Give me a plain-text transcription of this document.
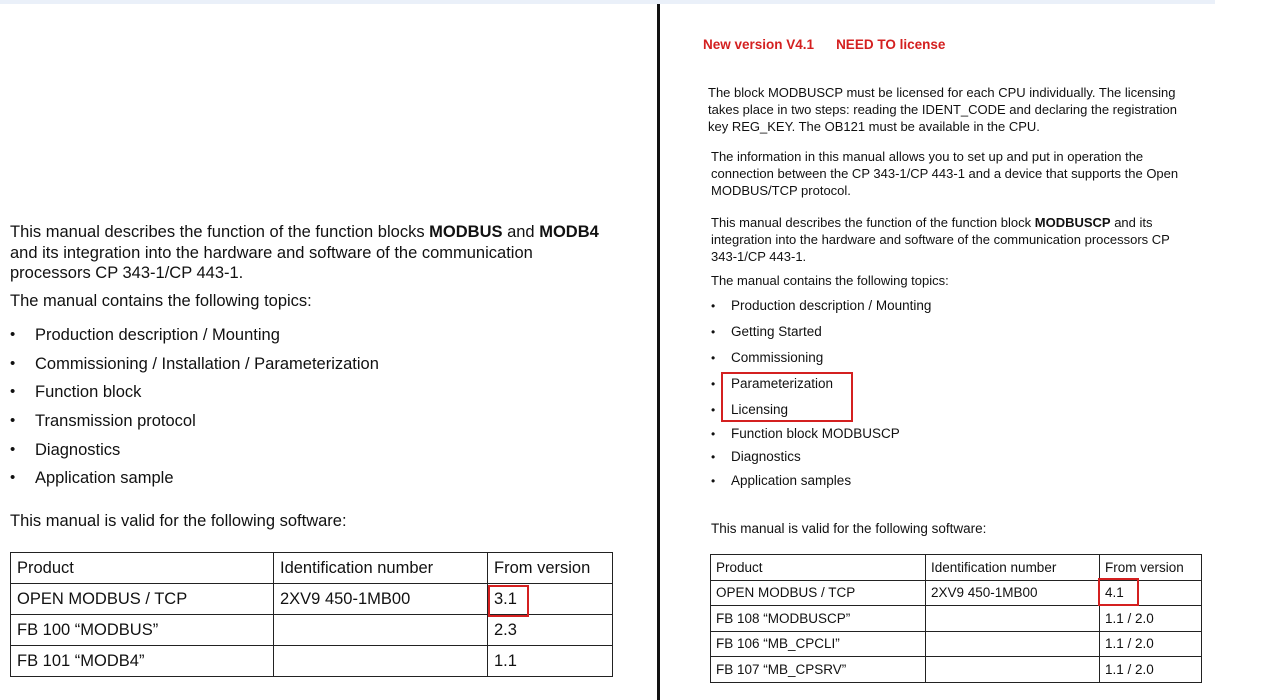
This manual describes the function of the function blocks MODBUS and MODB4 and its integration into the hardware and software of the communication processors CP 343-1/CP 443-1.

The manual contains the following topics:

• Production description / Mounting
• Commissioning / Installation / Parameterization
• Function block
• Transmission protocol
• Diagnostics
• Application sample

This manual is valid for the following software:

Product	Identification number	From version
OPEN MODBUS / TCP	2XV9 450-1MB00	3.1
FB 100 “MODBUS”		2.3
FB 101 “MODB4”		1.1

New version V4.1 NEED TO license

The block MODBUSCP must be licensed for each CPU individually. The licensing takes place in two steps: reading the IDENT_CODE and declaring the registration key REG_KEY. The OB121 must be available in the CPU.

The information in this manual allows you to set up and put in operation the connection between the CP 343-1/CP 443-1 and a device that supports the Open MODBUS/TCP protocol.

This manual describes the function of the function block MODBUSCP and its integration into the hardware and software of the communication processors CP 343-1/CP 443-1.

The manual contains the following topics:

• Production description / Mounting
• Getting Started
• Commissioning
• Parameterization
• Licensing
• Function block MODBUSCP
• Diagnostics
• Application samples

This manual is valid for the following software:

Product	Identification number	From version
OPEN MODBUS / TCP	2XV9 450-1MB00	4.1
FB 108 “MODBUSCP”		1.1 / 2.0
FB 106 “MB_CPCLI”		1.1 / 2.0
FB 107 “MB_CPSRV”		1.1 / 2.0
